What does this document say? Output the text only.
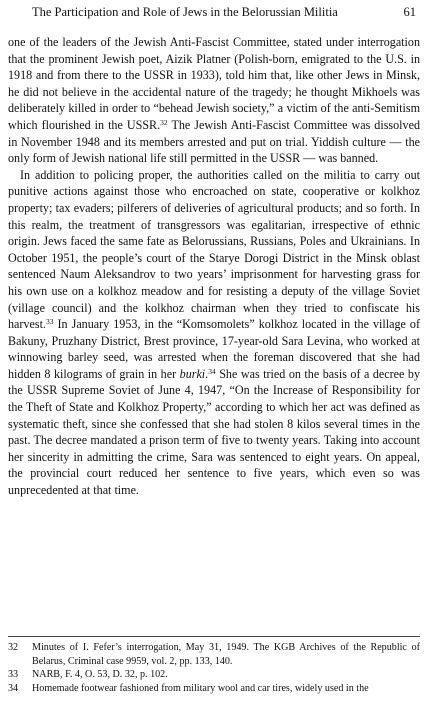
The Participation and Role of Jews in the Belorussian Militia	61

one of the leaders of the Jewish Anti-Fascist Committee, stated under interrogation that the prominent Jewish poet, Aizik Platner (Polish-born, emigrated to the U.S. in 1918 and from there to the USSR in 1933), told him that, like other Jews in Minsk, he did not believe in the accidental nature of the tragedy; he thought Mikhoels was deliberately killed in order to “behead Jewish society,” a victim of the anti-Semitism which flourished in the USSR.$^{32}$ The Jewish Anti-Fascist Committee was dissolved in November 1948 and its members arrested and put on trial. Yiddish culture — the only form of Jewish national life still permitted in the USSR — was banned.

In addition to policing proper, the authorities called on the militia to carry out punitive actions against those who encroached on state, cooperative or kolkhoz property; tax evaders; pilferers of deliveries of agricultural products; and so forth. In this realm, the treatment of transgressors was egalitarian, irrespective of ethnic origin. Jews faced the same fate as Belorussians, Russians, Poles and Ukrainians. In October 1951, the people’s court of the Starye Dorogi District in the Minsk oblast sentenced Naum Aleksandrov to two years’ imprisonment for harvesting grass for his own use on a kolkhoz meadow and for resisting a deputy of the village Soviet (village council) and the kolkhoz chairman when they tried to confiscate his harvest.$^{33}$ In January 1953, in the “Komsomolets” kolkhoz located in the village of Bakuny, Pruzhany District, Brest province, 17-year-old Sara Levina, who worked at winnowing barley seed, was arrested when the foreman discovered that she had hidden 8 kilograms of grain in her burki.$^{34}$ She was tried on the basis of a decree by the USSR Supreme Soviet of June 4, 1947, “On the Increase of Responsibility for the Theft of State and Kolkhoz Property,” according to which her act was defined as systematic theft, since she confessed that she had stolen 8 kilos several times in the past. The decree mandated a prison term of five to twenty years. Taking into account her sincerity in admitting the crime, Sara was sentenced to eight years. On appeal, the provincial court reduced her sentence to five years, which even so was unprecedented at that time.

32	Minutes of I. Fefer’s interrogation, May 31, 1949. The KGB Archives of the Republic of Belarus, Criminal case 9959, vol. 2, pp. 133, 140.
33	NARB, F. 4, O. 53, D. 32, p. 102.
34	Homemade footwear fashioned from military wool and car tires, widely used in the
